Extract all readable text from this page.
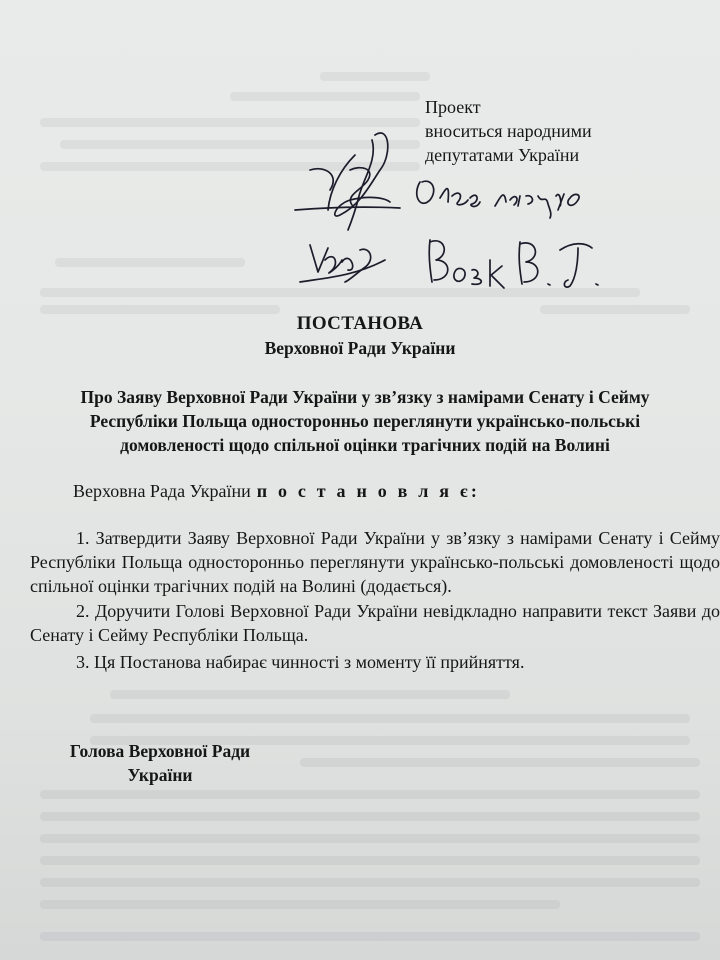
Проект
вноситься народними
депутатами України
ПОСТАНОВА
Верховної Ради України
Про Заяву Верховної Ради України у зв’язку з намірами Сенату і Сейму
Республіки Польща односторонньо переглянути українсько-польські
домовленості щодо спільної оцінки трагічних подій на Волині
Верховна Рада України п о с т а н о в л я є:
1. Затвердити Заяву Верховної Ради України у зв’язку з намірами Сенату і Сейму Республіки Польща односторонньо переглянути українсько-польські домовленості щодо спільної оцінки трагічних подій на Волині (додається).
2. Доручити Голові Верховної Ради України невідкладно направити текст Заяви до Сенату і Сейму Республіки Польща.
3. Ця Постанова набирає чинності з моменту її прийняття.
Голова Верховної Ради
України
